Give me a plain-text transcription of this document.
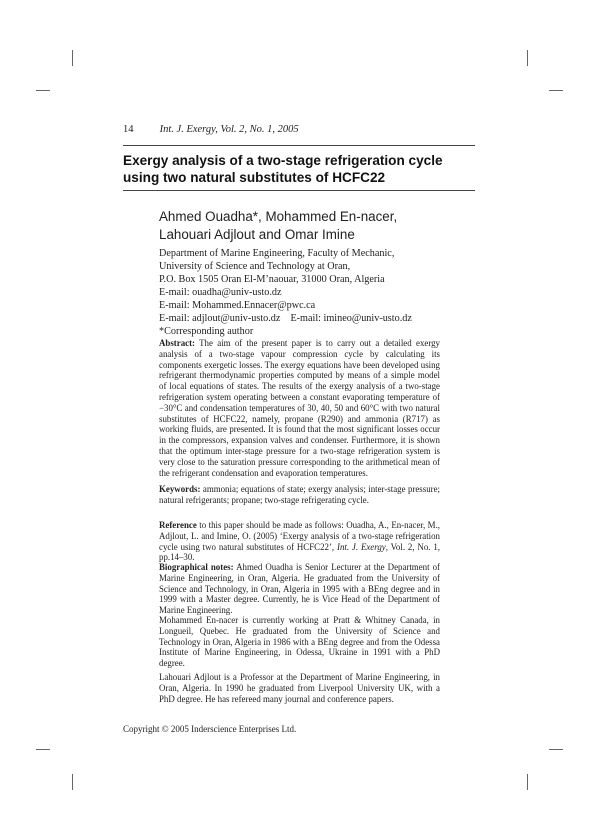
14 Int. J. Exergy, Vol. 2, No. 1, 2005
Exergy analysis of a two-stage refrigeration cycle
using two natural substitutes of HCFC22
Ahmed Ouadha*, Mohammed En-nacer,
Lahouari Adjlout and Omar Imine
Department of Marine Engineering, Faculty of Mechanic,
University of Science and Technology at Oran,
P.O. Box 1505 Oran El-M’naouar, 31000 Oran, Algeria
E-mail: ouadha@univ-usto.dz
E-mail: Mohammed.Ennacer@pwc.ca
E-mail: adjlout@univ-usto.dz E-mail: imineo@univ-usto.dz
*Corresponding author
Abstract: The aim of the present paper is to carry out a detailed exergy analysis of a two-stage vapour compression cycle by calculating its components exergetic losses. The exergy equations have been developed using refrigerant thermodynamic properties computed by means of a simple model of local equations of states. The results of the exergy analysis of a two-stage refrigeration system operating between a constant evaporating temperature of −30°C and condensation temperatures of 30, 40, 50 and 60°C with two natural substitutes of HCFC22, namely, propane (R290) and ammonia (R717) as working fluids, are presented. It is found that the most significant losses occur in the compressors, expansion valves and condenser. Furthermore, it is shown that the optimum inter-stage pressure for a two-stage refrigeration system is very close to the saturation pressure corresponding to the arithmetical mean of the refrigerant condensation and evaporation temperatures.
Keywords: ammonia; equations of state; exergy analysis; inter-stage pressure; natural refrigerants; propane; two-stage refrigerating cycle.
Reference to this paper should be made as follows: Ouadha, A., En-nacer, M., Adjlout, L. and Imine, O. (2005) ‘Exergy analysis of a two-stage refrigeration cycle using two natural substitutes of HCFC22’, Int. J. Exergy, Vol. 2, No. 1, pp.14–30.
Biographical notes: Ahmed Ouadha is Senior Lecturer at the Department of Marine Engineering, in Oran, Algeria. He graduated from the University of Science and Technology, in Oran, Algeria in 1995 with a BEng degree and in 1999 with a Master degree. Currently, he is Vice Head of the Department of Marine Engineering.
Mohammed En-nacer is currently working at Pratt & Whitney Canada, in Longueil, Quebec. He graduated from the University of Science and Technology in Oran, Algeria in 1986 with a BEng degree and from the Odessa Institute of Marine Engineering, in Odessa, Ukraine in 1991 with a PhD degree.
Lahouari Adjlout is a Professor at the Department of Marine Engineering, in Oran, Algeria. In 1990 he graduated from Liverpool University UK, with a PhD degree. He has refereed many journal and conference papers.
Copyright © 2005 Inderscience Enterprises Ltd.
